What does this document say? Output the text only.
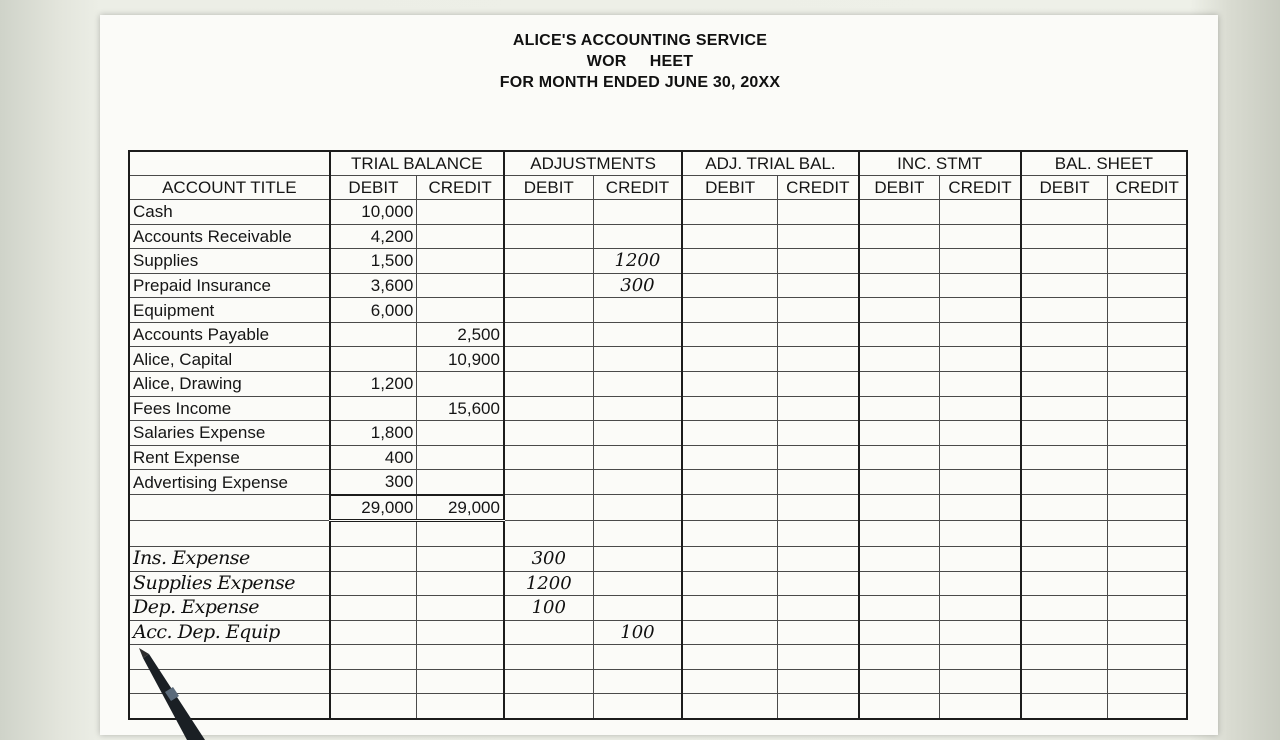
ALICE'S ACCOUNTING SERVICE
WOR     HEET
FOR MONTH ENDED JUNE 30, 20XX
	TRIAL BALANCE		ADJUSTMENTS		ADJ. TRIAL BAL.		INC. STMT		BAL. SHEET	
ACCOUNT TITLE	DEBIT	CREDIT	DEBIT	CREDIT	DEBIT	CREDIT	DEBIT	CREDIT	DEBIT	CREDIT
Cash	10,000									
Accounts Receivable	4,200									
Supplies	1,500			1200						
Prepaid Insurance	3,600			300						
Equipment	6,000									
Accounts Payable		2,500								
Alice, Capital		10,900								
Alice, Drawing	1,200									
Fees Income		15,600								
Salaries Expense	1,800									
Rent Expense	400									
Advertising Expense	300									
	29,000	29,000								

Ins. Expense			300							
Supplies Expense			1200							
Dep. Expense			100							
Acc. Dep. Equip				100						
